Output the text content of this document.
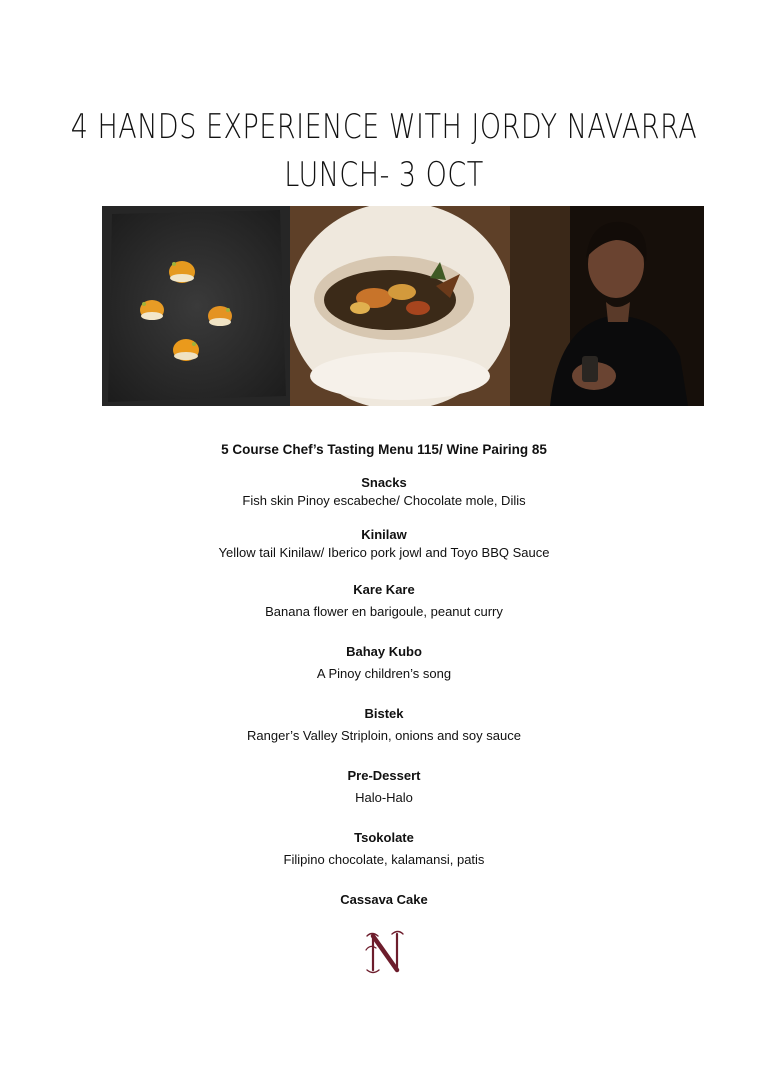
4 HANDS EXPERIENCE WITH JORDY NAVARRA
LUNCH- 3 OCT

5 Course Chef’s Tasting Menu 115/ Wine Pairing 85

Snacks
Fish skin Pinoy escabeche/ Chocolate mole, Dilis
Kinilaw
Yellow tail Kinilaw/ Iberico pork jowl and Toyo BBQ Sauce
Kare Kare
Banana flower en barigoule, peanut curry
Bahay Kubo
A Pinoy children’s song
Bistek
Ranger’s Valley Striploin, onions and soy sauce
Pre-Dessert
Halo-Halo
Tsokolate
Filipino chocolate, kalamansi, patis
Cassava Cake
